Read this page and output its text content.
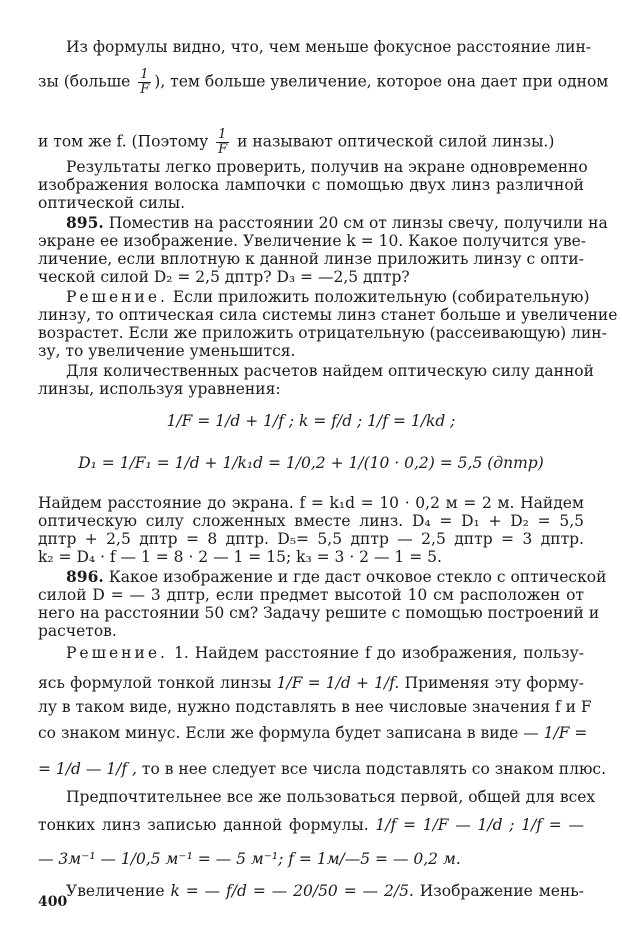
Из формулы видно, что, чем меньше фокусное расстояние лин-
зы (больше $\frac{1}{F}$ ), тем больше увеличение, которое она дает при одном
и том же f. (Поэтому $\frac{1}{F}$ и называют оптической силой линзы.)
Результаты легко проверить, получив на экране одновременно
изображения волоска лампочки с помощью двух линз различной
оптической силы.
895. Поместив на расстоянии 20 см от линзы свечу, получили на
экране ее изображение. Увеличение k = 10. Какое получится уве-
личение, если вплотную к данной линзе приложить линзу с опти-
ческой силой D₂ = 2,5 дптр? D₃ = —2,5 дптр?
Решение. Если приложить положительную (собирательную)
линзу, то оптическая сила системы линз станет больше и увеличение
возрастет. Если же приложить отрицательную (рассеивающую) лин-
зу, то увеличение уменьшится.
Для количественных расчетов найдем оптическую силу данной
линзы, используя уравнения:
1/F = 1/d + 1/f ; k = f/d ; 1/f = 1/kd ;
D₁ = 1/F₁ = 1/d + 1/k₁d = 1/0,2 + 1/(10 · 0,2) = 5,5 (дптр)
Найдем расстояние до экрана. f = k₁d = 10 · 0,2 м = 2 м. Найдем
оптическую силу сложенных вместе линз. D₄ = D₁ + D₂ = 5,5
дптр + 2,5 дптр = 8 дптр. D₅= 5,5 дптр — 2,5 дптр = 3 дптр.
k₂ = D₄ · f — 1 = 8 · 2 — 1 = 15; k₃ = 3 · 2 — 1 = 5.
896. Какое изображение и где даст очковое стекло с оптической
силой D = — 3 дптр, если предмет высотой 10 см расположен от
него на расстоянии 50 см? Задачу решите с помощью построений и
расчетов.
Решение. 1. Найдем расстояние f до изображения, пользу-
ясь формулой тонкой линзы 1/F = 1/d + 1/f. Применяя эту форму-
лу в таком виде, нужно подставлять в нее числовые значения f и F
со знаком минус. Если же формула будет записана в виде — 1/F =
= 1/d — 1/f , то в нее следует все числа подставлять со знаком плюс.
Предпочтительнее все же пользоваться первой, общей для всех
тонких линз записью данной формулы. 1/f = 1/F — 1/d ; 1/f = —
— 3м⁻¹ — 1/0,5 м⁻¹ = — 5 м⁻¹; f = 1м/—5 = — 0,2 м.
Увеличение k = — f/d = — 20/50 = — 2/5. Изображение мень-
400
